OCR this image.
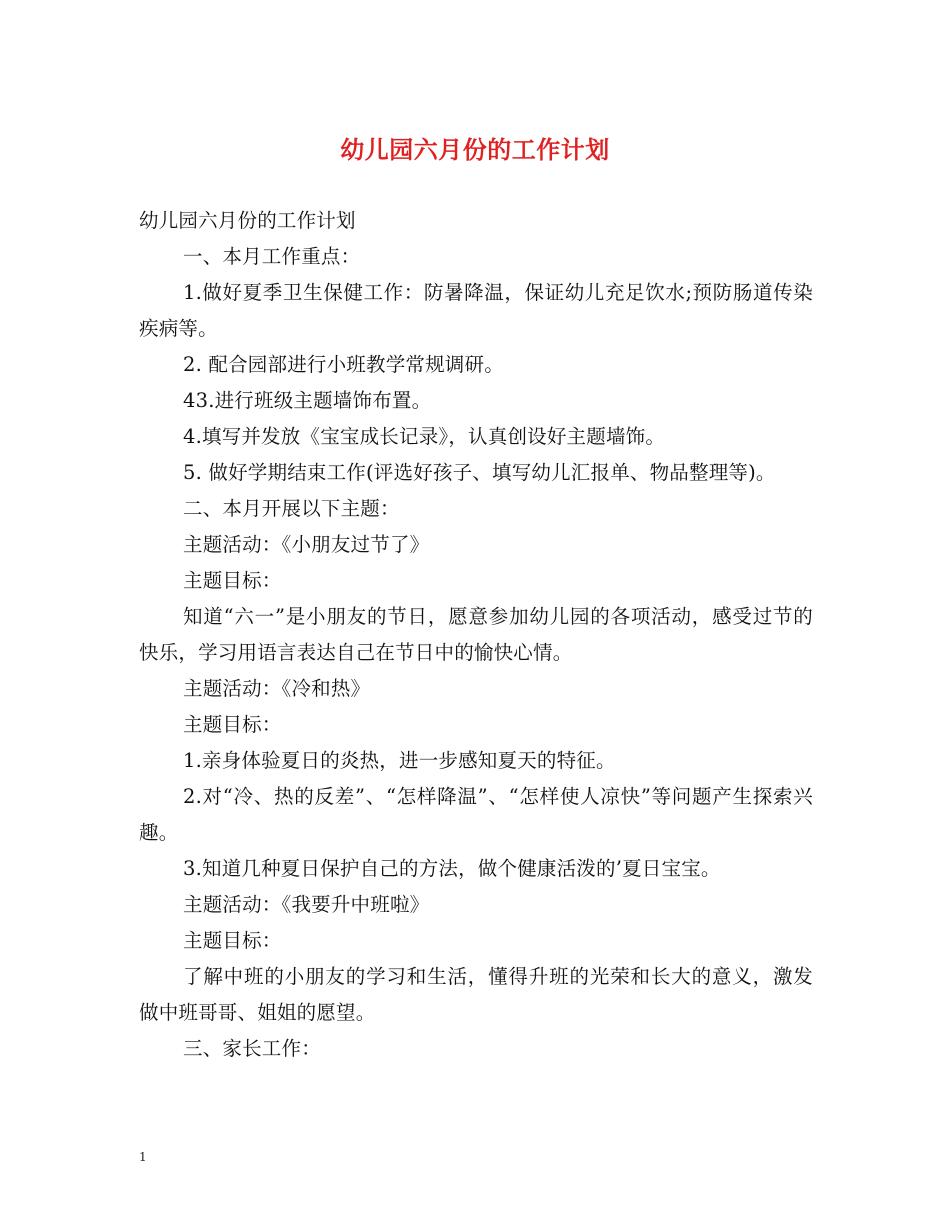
幼儿园六月份的工作计划

幼儿园六月份的工作计划

一、本月工作重点：

1.做好夏季卫生保健工作：防暑降温，保证幼儿充足饮水;预防肠道传染疾病等。

2. 配合园部进行小班教学常规调研。

43.进行班级主题墙饰布置。

4.填写并发放《宝宝成长记录》，认真创设好主题墙饰。

5. 做好学期结束工作(评选好孩子、填写幼儿汇报单、物品整理等)。

二、本月开展以下主题：

主题活动：《小朋友过节了》

主题目标：

知道“六一”是小朋友的节日，愿意参加幼儿园的各项活动，感受过节的快乐，学习用语言表达自己在节日中的愉快心情。

主题活动：《冷和热》

主题目标：

1.亲身体验夏日的炎热，进一步感知夏天的特征。

2.对“冷、热的反差”、“怎样降温”、“怎样使人凉快”等问题产生探索兴趣。

3.知道几种夏日保护自己的方法，做个健康活泼的’夏日宝宝。

主题活动：《我要升中班啦》

主题目标：

了解中班的小朋友的学习和生活，懂得升班的光荣和长大的意义，激发做中班哥哥、姐姐的愿望。

三、家长工作：

1
